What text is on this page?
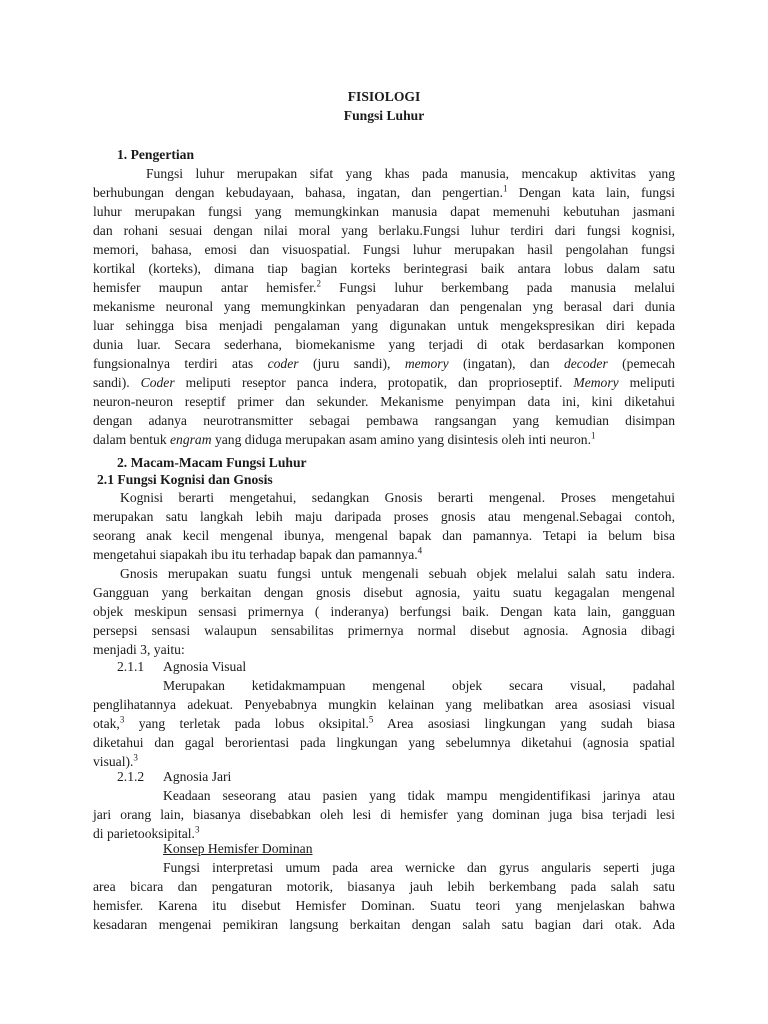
FISIOLOGI
Fungsi Luhur
1. Pengertian
Fungsi luhur merupakan sifat yang khas pada manusia, mencakup aktivitas yang
berhubungan dengan kebudayaan, bahasa, ingatan, dan pengertian.$^1$ Dengan kata lain, fungsi
luhur merupakan fungsi yang memungkinkan manusia dapat memenuhi kebutuhan jasmani
dan rohani sesuai dengan nilai moral yang berlaku.Fungsi luhur terdiri dari fungsi kognisi,
memori, bahasa, emosi dan visuospatial. Fungsi luhur merupakan hasil pengolahan fungsi
kortikal (korteks), dimana tiap bagian korteks berintegrasi baik antara lobus dalam satu
hemisfer maupun antar hemisfer.$^2$ Fungsi luhur berkembang pada manusia melalui
mekanisme neuronal yang memungkinkan penyadaran dan pengenalan yng berasal dari dunia
luar sehingga bisa menjadi pengalaman yang digunakan untuk mengekspresikan diri kepada
dunia luar. Secara sederhana, biomekanisme yang terjadi di otak berdasarkan komponen
fungsionalnya terdiri atas coder (juru sandi), memory (ingatan), dan decoder (pemecah
sandi). Coder meliputi reseptor panca indera, protopatik, dan proprioseptif. Memory meliputi
neuron-neuron reseptif primer dan sekunder. Mekanisme penyimpan data ini, kini diketahui
dengan adanya neurotransmitter sebagai pembawa rangsangan yang kemudian disimpan
dalam bentuk engram yang diduga merupakan asam amino yang disintesis oleh inti neuron.$^1$
2. Macam-Macam Fungsi Luhur
2.1 Fungsi Kognisi dan Gnosis
Kognisi berarti mengetahui, sedangkan Gnosis berarti mengenal. Proses mengetahui
merupakan satu langkah lebih maju daripada proses gnosis atau mengenal.Sebagai contoh,
seorang anak kecil mengenal ibunya, mengenal bapak dan pamannya. Tetapi ia belum bisa
mengetahui siapakah ibu itu terhadap bapak dan pamannya.$^4$
Gnosis merupakan suatu fungsi untuk mengenali sebuah objek melalui salah satu indera.
Gangguan yang berkaitan dengan gnosis disebut agnosia, yaitu suatu kegagalan mengenal
objek meskipun sensasi primernya ( inderanya) berfungsi baik. Dengan kata lain, gangguan
persepsi sensasi walaupun sensabilitas primernya normal disebut agnosia. Agnosia dibagi
menjadi 3, yaitu:
2.1.1 Agnosia Visual
Merupakan ketidakmampuan mengenal objek secara visual, padahal
penglihatannya adekuat. Penyebabnya mungkin kelainan yang melibatkan area asosiasi visual
otak,$^3$ yang terletak pada lobus oksipital.$^5$ Area asosiasi lingkungan yang sudah biasa
diketahui dan gagal berorientasi pada lingkungan yang sebelumnya diketahui (agnosia spatial
visual).$^3$
2.1.2 Agnosia Jari
Keadaan seseorang atau pasien yang tidak mampu mengidentifikasi jarinya atau
jari orang lain, biasanya disebabkan oleh lesi di hemisfer yang dominan juga bisa terjadi lesi
di parietooksipital.$^3$
Konsep Hemisfer Dominan
Fungsi interpretasi umum pada area wernicke dan gyrus angularis seperti juga
area bicara dan pengaturan motorik, biasanya jauh lebih berkembang pada salah satu
hemisfer. Karena itu disebut Hemisfer Dominan. Suatu teori yang menjelaskan bahwa
kesadaran mengenai pemikiran langsung berkaitan dengan salah satu bagian dari otak. Ada
